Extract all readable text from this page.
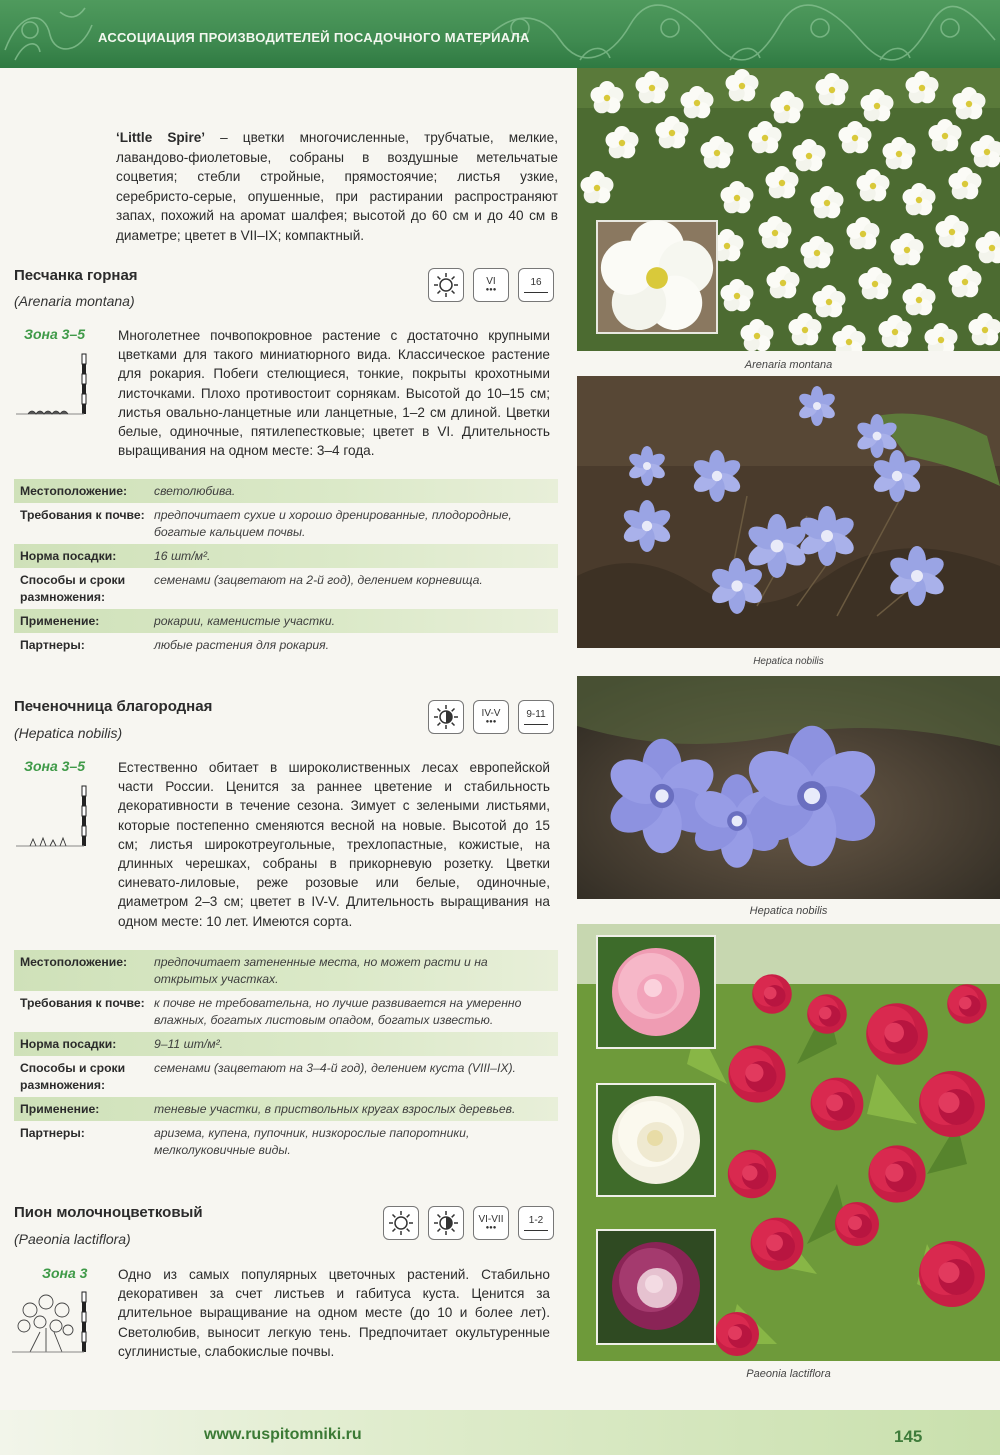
АССОЦИАЦИЯ ПРОИЗВОДИТЕЛЕЙ ПОСАДОЧНОГО МАТЕРИАЛА
‘Little Spire’ – цветки многочисленные, трубчатые, мелкие, лавандово-фиолетовые, собраны в воздушные метельчатые соцветия; стебли стройные, прямостоячие; листья узкие, серебристо-серые, опушенные, при растирании распространяют запах, похожий на аромат шалфея; высотой до 60 см и до 40 см в диаметре; цветет в VII–IX; компактный.
Песчанка горная
(Arenaria montana)
VI
●●●
16
Зона 3–5 Многолетнее почвопокровное растение с достаточно крупными цветками для такого миниатюрного вида. Классическое растение для рокария. Побеги стелющиеся, тонкие, покрыты крохотными листочками. Плохо противостоит сорнякам. Высотой до 10–15 см; листья овально-ланцетные или ланцетные, 1–2 см длиной. Цветки белые, одиночные, пятилепестковые; цветет в VI. Длительность выращивания на одном месте: 3–4 года.
Местоположение:	светолюбива.
Требования к почве: предпочитает сухие и хорошо дренированные, плодородные, богатые кальцием почвы.
Норма посадки:	16 шт/м².
Способы и сроки размножения:
семенами (зацветают на 2-й год), делением корневища.
Применение:	рокарии, каменистые участки.
Партнеры:	любые растения для рокария.
Печеночница благородная
(Hepatica nobilis)
IV-V
●●●
9-11
Зона 3–5 Естественно обитает в широколиственных лесах европейской части России. Ценится за раннее цветение и стабильность декоративности в течение сезона. Зимует с зелеными листьями, которые постепенно сменяются весной на новые. Высотой до 15 см; листья широкотреугольные, трехлопастные, кожистые, на длинных черешках, собраны в прикорневую розетку. Цветки синевато-лиловые, реже розовые или белые, одиночные, диаметром 2–3 см; цветет в IV-V. Длительность выращивания на одном месте: 10 лет. Имеются сорта.
Местоположение:	предпочитает затененные места, но может расти и на открытых участках.
Требования к почве: к почве не требовательна, но лучше развивается на умеренно влажных, богатых листовым опадом, богатых известью.
Норма посадки:	9–11 шт/м².
Способы и сроки размножения:
семенами (зацветают на 3–4-й год), делением куста (VIII–IX).
Применение:	теневые участки, в приствольных кругах взрослых деревьев.
Партнеры:	аризема, купена, пупочник, низкорослые папоротники, мелколуковичные виды.
Пион молочноцветковый
(Paeonia lactiflora)
VI-VII
●●●
1-2
Зона 3 Одно из самых популярных цветочных растений. Стабильно декоративен за счет листьев и габитуса куста. Ценится за длительное выращивание на одном месте (до 10 и более лет). Светолюбив, выносит легкую тень. Предпочитает окультуренные суглинистые, слабокислые почвы.
Arenaria montana
Hepatica nobilis
Hepatica nobilis
Paeonia lactiflora
www.ruspitomniki.ru	145
